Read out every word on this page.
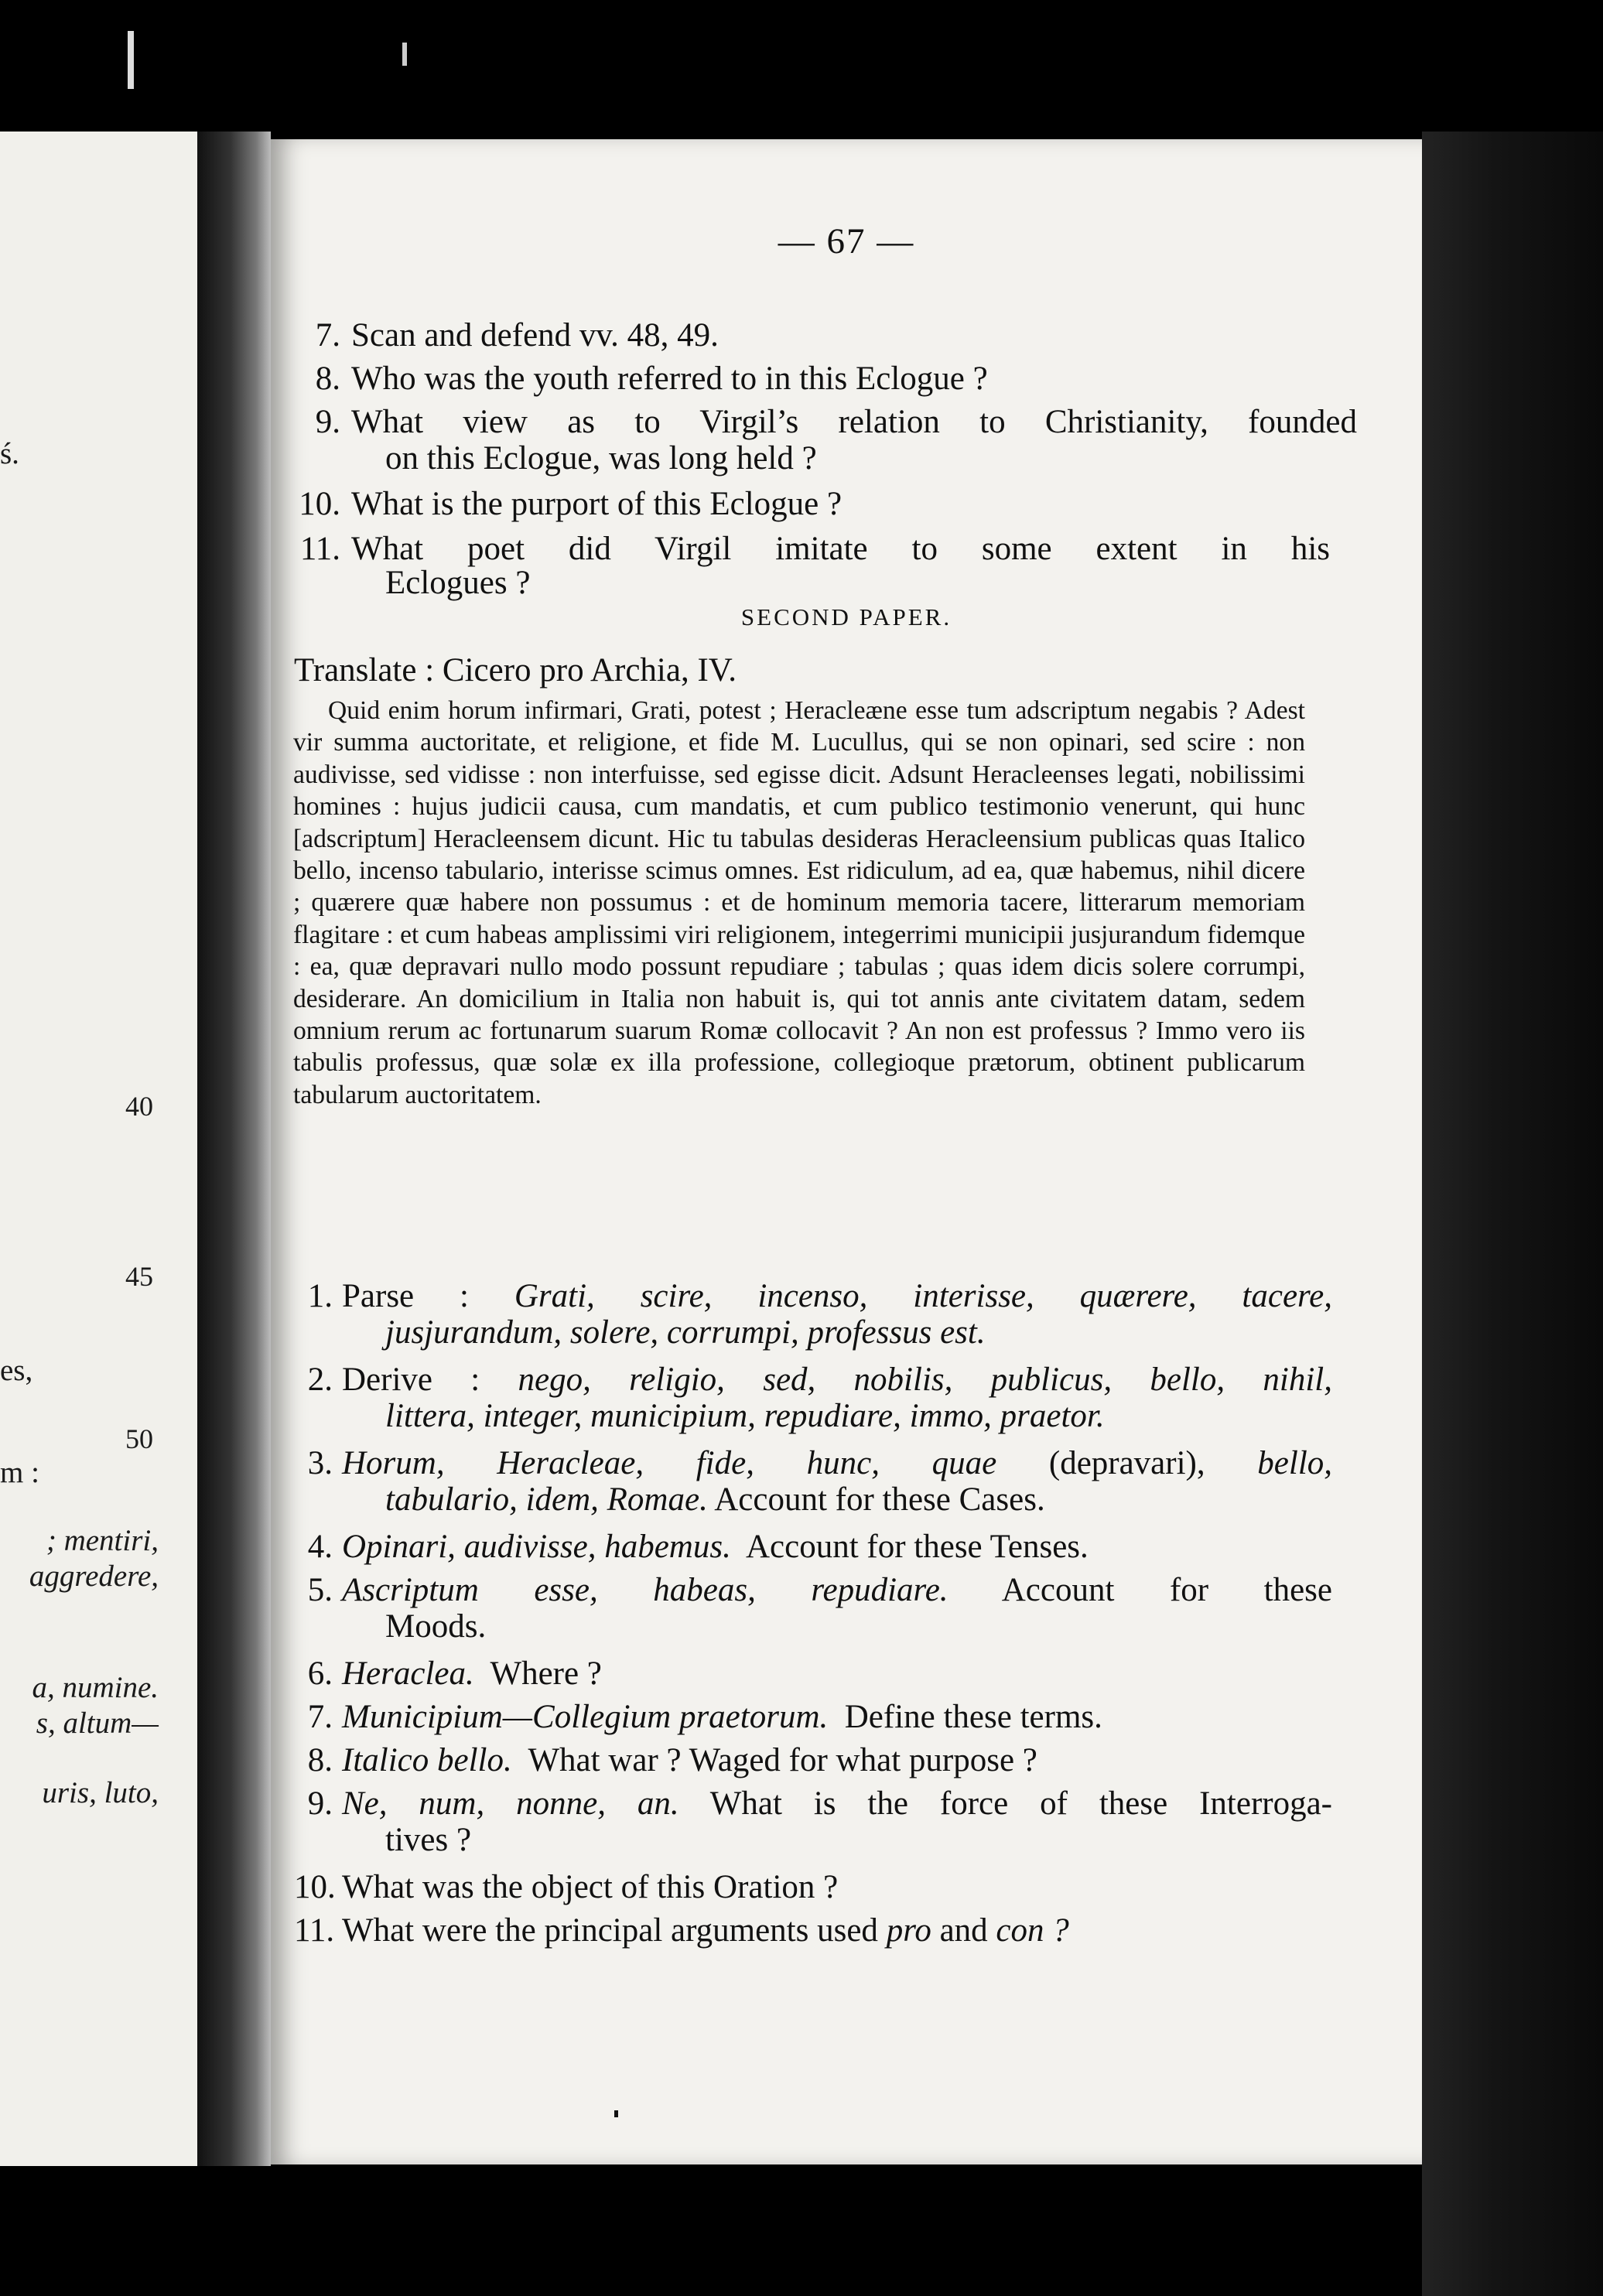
ś.
40
45
es,
50
m :
; mentiri,
aggredere,
a, numine.
s, altum—
uris, luto,
— 67 —
7. Scan and defend vv. 48, 49.
8. Who was the youth referred to in this Eclogue ?
9. What view as to Virgil’s relation to Christianity, founded
on this Eclogue, was long held ?
10. What is the purport of this Eclogue ?
11. What poet did Virgil imitate to some extent in his
Eclogues ?
SECOND PAPER.
Translate : Cicero pro Archia, IV.
Quid enim horum infirmari, Grati, potest ; Heracleæne esse tum adscriptum negabis ? Adest vir summa auctoritate, et religione, et fide M. Lucullus, qui se non opinari, sed scire : non audivisse, sed vidisse : non interfuisse, sed egisse dicit. Adsunt Heracleenses legati, nobilissimi homines : hujus judicii causa, cum mandatis, et cum publico testimonio venerunt, qui hunc [adscriptum] Heracleensem dicunt. Hic tu tabulas desideras Heracleensium publicas quas Italico bello, incenso tabulario, interisse scimus omnes. Est ridiculum, ad ea, quæ habemus, nihil dicere ; quærere quæ habere non possumus : et de hominum memoria tacere, litterarum memoriam flagitare : et cum habeas amplissimi viri religionem, integerrimi municipii jusjurandum fidemque : ea, quæ depravari nullo modo possunt repudiare ; tabulas ; quas idem dicis solere corrumpi, desiderare. An domicilium in Italia non habuit is, qui tot annis ante civitatem datam, sedem omnium rerum ac fortunarum suarum Romæ collocavit ? An non est professus ? Immo vero iis tabulis professus, quæ solæ ex illa professione, collegioque prætorum, obtinent publicarum tabularum auctoritatem.
1. Parse : Grati, scire, incenso, interisse, quærere, tacere,
jusjurandum, solere, corrumpi, professus est.
2. Derive : nego, religio, sed, nobilis, publicus, bello, nihil,
littera, integer, municipium, repudiare, immo, praetor.
3. Horum, Heracleae, fide, hunc, quae (depravari), bello,
tabulario, idem, Romae. Account for these Cases.
4. Opinari, audivisse, habemus. Account for these Tenses.
5. Ascriptum esse, habeas, repudiare. Account for these
Moods.
6. Heraclea. Where ?
7. Municipium—Collegium praetorum. Define these terms.
8. Italico bello. What war ? Waged for what purpose ?
9. Ne, num, nonne, an. What is the force of these Interroga-
tives ?
10. What was the object of this Oration ?
11. What were the principal arguments used pro and con ?
